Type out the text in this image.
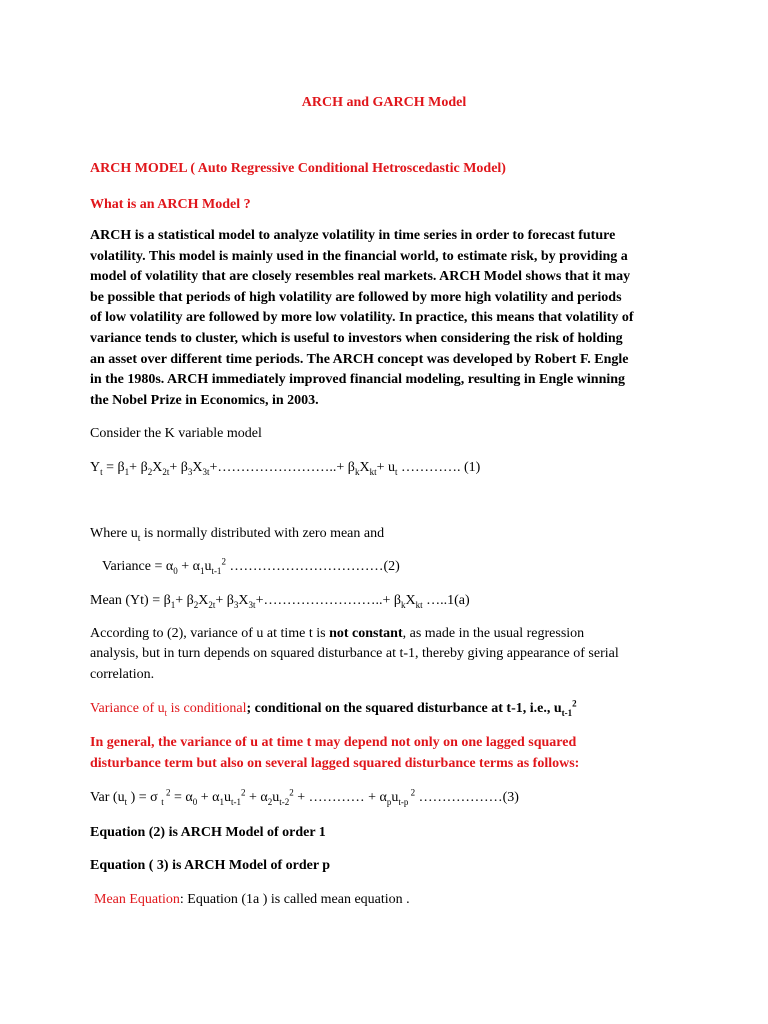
ARCH and GARCH Model
ARCH MODEL ( Auto Regressive Conditional Hetroscedastic Model)
What is an ARCH Model ?
ARCH is a statistical model to analyze volatility in time series in order to forecast future
volatility. This model is mainly used in the financial world, to estimate risk, by providing a
model of volatility that are closely resembles real markets. ARCH Model shows that it may
be possible that periods of high volatility are followed by more high volatility and periods
of low volatility are followed by more low volatility. In practice, this means that volatility of
variance tends to cluster, which is useful to investors when considering the risk of holding
an asset over different time periods. The ARCH concept was developed by Robert F. Engle
in the 1980s. ARCH immediately improved financial modeling, resulting in Engle winning
the Nobel Prize in Economics, in 2003.
Consider the K variable model
$Y_t = \beta_1+ \beta_2X_{2t}+$ $\beta_3X_{3t}+\dots\dots\dots\dots\dots\dots\dots\dots..+ \beta_kX_{kt}+ u_t$ …………. (1)
Where $u_t$ is normally distributed with zero mean and
Variance = $\alpha_0 + \alpha_1u_{t-1}^2$ ……………………………(2)
Mean $(Yt) = \beta_1+ \beta_2X_{2t}+$ $\beta_3X_{3t}+\dots\dots\dots\dots\dots\dots\dots\dots..+ \beta_kX_{kt}$ …..1(a)
According to (2), variance of u at time t is not constant, as made in the usual regression
analysis, but in turn depends on squared disturbance at t-1, thereby giving appearance of serial
correlation.
Variance of $u_t$ is conditional; conditional on the squared disturbance at t-1, i.e., $u_{t-1}^2$
In general, the variance of u at time t may depend not only on one lagged squared
disturbance term but also on several lagged squared disturbance terms as follows:
Var ($u_t$ ) = σ $_t$ $^2 = \alpha_0 + \alpha_1u_{t-1}^2 + \alpha_2u_{t-2}^2$ + ………… + $\alpha_pu_{t-p}$ $^2$ ………………(3)
Equation (2) is ARCH Model of order 1
Equation ( 3) is ARCH Model of order p
Mean Equation: Equation (1a ) is called mean equation .
